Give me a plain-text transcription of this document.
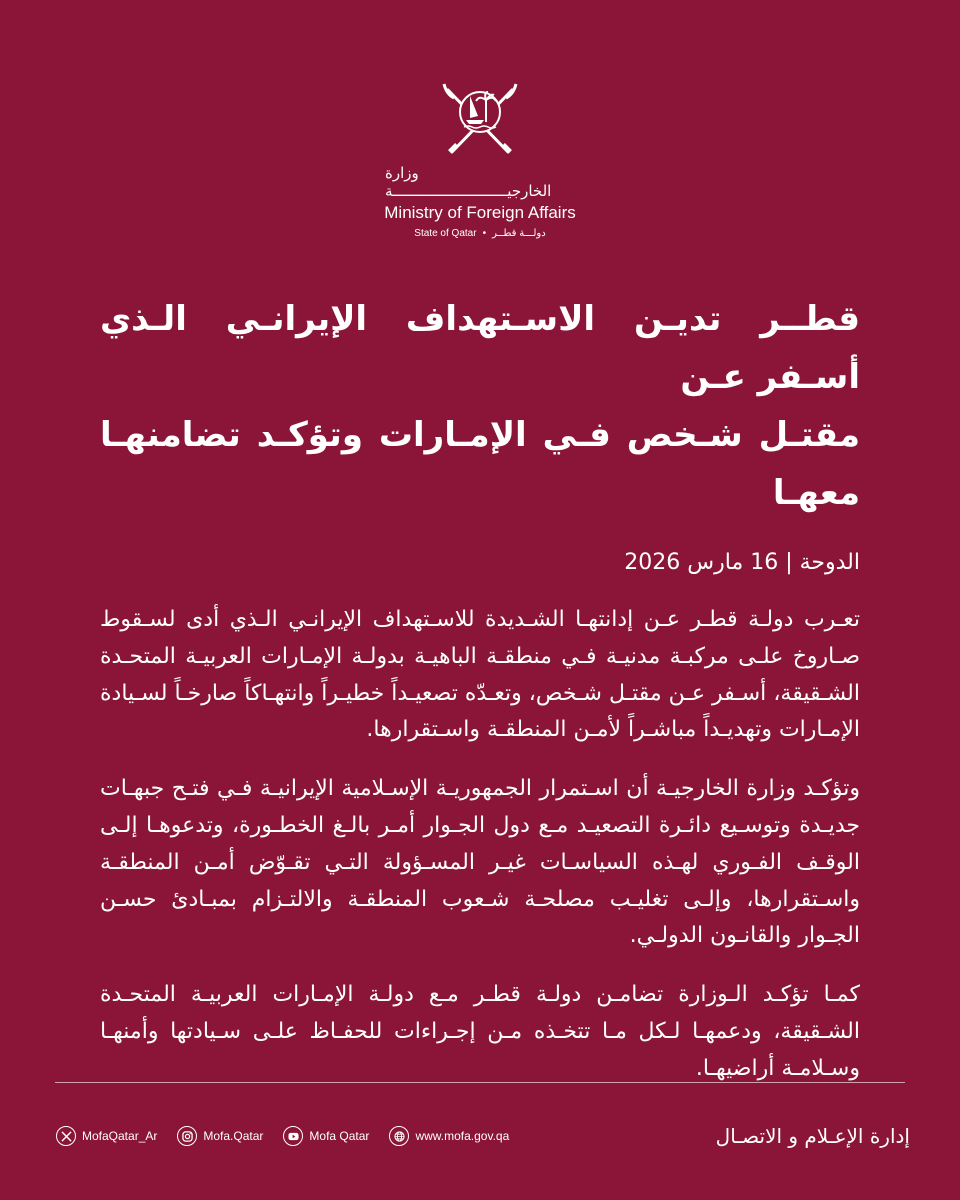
وزارة الخارجيــــــــــــــــــــــــــة
Ministry of Foreign Affairs
State of Qatar • دولـــة قطــر
قطــر تديـن الاسـتهداف الإيرانـي الـذي أسـفر عـن
مقتـل شـخص فـي الإمـارات وتؤكـد تضامنهـا معهـا
الدوحة | 16 مارس 2026

تعـرب دولـة قطـر عـن إدانتهـا الشـديدة للاسـتهداف الإيرانـي الـذي أدى لسـقوط صـاروخ علـى مركبـة مدنيـة فـي منطقـة الباهيـة بدولـة الإمـارات العربيـة المتحـدة الشـقيقة، أسـفر عـن مقتـل شـخص، وتعـدّه تصعيـداً خطيـراً وانتهـاكاً صارخـاً لسـيادة الإمـارات وتهديـداً مباشـراً لأمـن المنطقـة واسـتقرارها.

وتؤكـد وزارة الخارجيـة أن اسـتمرار الجمهوريـة الإسـلامية الإيرانيـة فـي فتـح جبهـات جديـدة وتوسـيع دائـرة التصعيـد مـع دول الجـوار أمـر بالـغ الخطـورة، وتدعوهـا إلـى الوقـف الفـوري لهـذه السياسـات غيـر المسـؤولة التـي تقـوّض أمـن المنطقـة واسـتقرارها، وإلـى تغليـب مصلحـة شـعوب المنطقـة والالتـزام بمبـادئ حسـن الجـوار والقانـون الدولـي.

كمـا تؤكـد الـوزارة تضامـن دولـة قطـر مـع دولـة الإمـارات العربيـة المتحـدة الشـقيقة، ودعمهـا لـكل مـا تتخـذه مـن إجـراءات للحفـاظ علـى سـيادتها وأمنهـا وسـلامـة أراضيهـا.

إدارة الإعـلام و الاتصـال
MofaQatar_Ar	Mofa.Qatar	Mofa Qatar	www.mofa.gov.qa
